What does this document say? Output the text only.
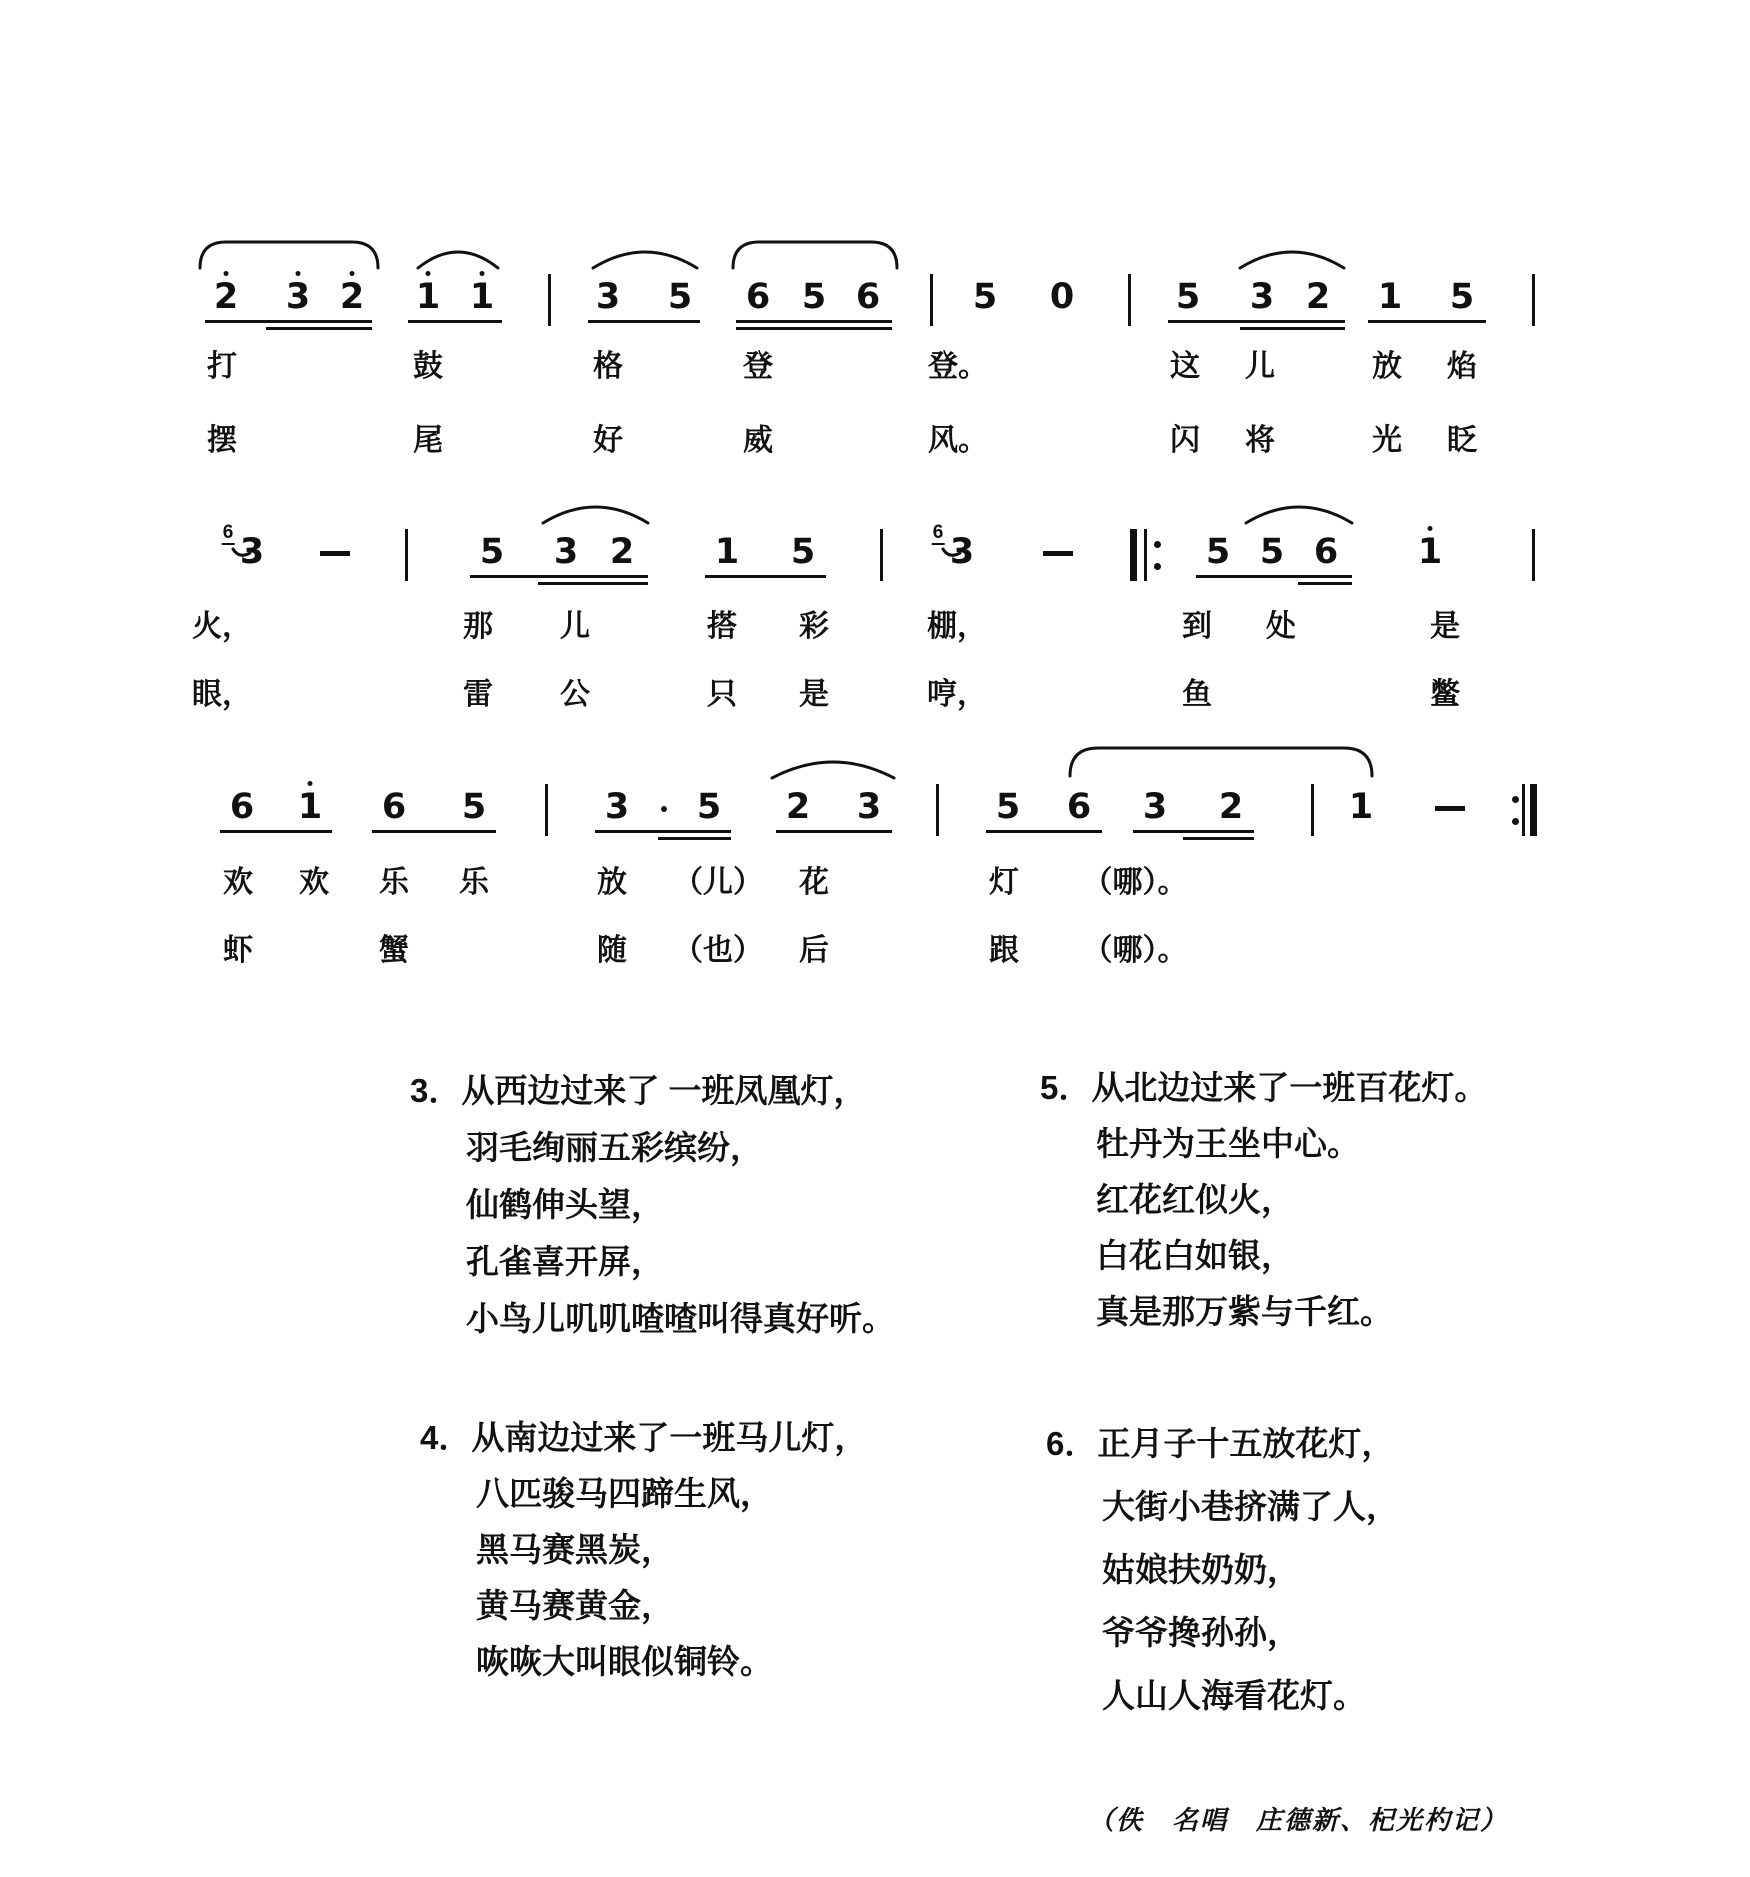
2 3 2 1 1	3 5 6 5 6	5 0	5 3 2 1 5
打	鼓	格	登	登。	这 儿	放 焰
摆	尾	好	威	风。	闪 将	光 眨
3	5 3 2 1 5	3	5 5 6 1
6	6
火，	那 儿	搭 彩	棚，	到 处	是
眼，	雷 公	只 是	哼，	鱼	鳖
6 1 6 5	3 5 2 3	5 6 3 2	1
欢 欢 乐 乐	放 （儿） 花	灯 （哪）。
虾	蟹	随 （也） 后	跟 （哪）。
3．从西边过来了 一班凤凰灯，
羽毛绚丽五彩缤纷，
仙鹤伸头望，
孔雀喜开屏，
小鸟儿叽叽喳喳叫得真好听。
4．从南边过来了一班马儿灯，
八匹骏马四蹄生风，
黑马赛黑炭，
黄马赛黄金，
咴咴大叫眼似铜铃。
5．从北边过来了一班百花灯。
牡丹为王坐中心。
红花红似火，
白花白如银，
真是那万紫与千红。
6．正月子十五放花灯，
大街小巷挤满了人，
姑娘扶奶奶，
爷爷搀孙孙，
人山人海看花灯。
（佚　名唱　庄德新、杞光杓记）
